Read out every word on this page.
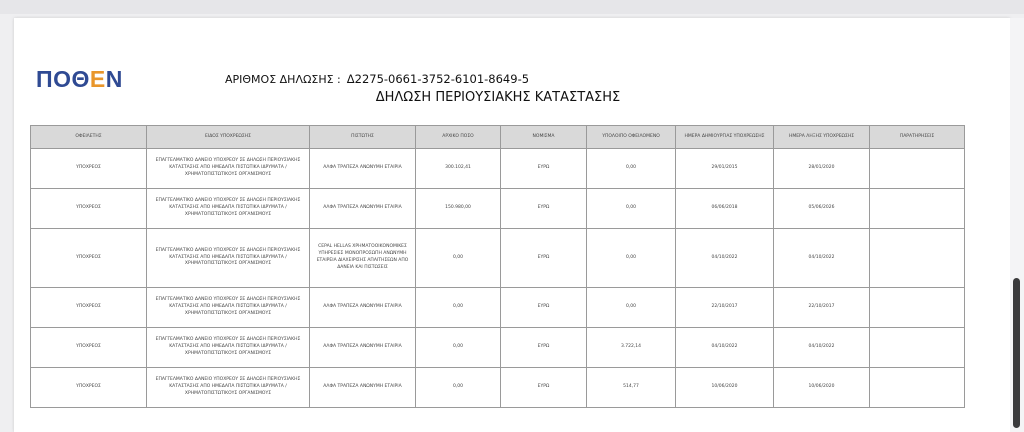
ΠΟΘΕΝ	ΑΡΙΘΜΟΣ ΔΗΛΩΣΗΣ : Δ2275-0661-3752-6101-8649-5
ΔΗΛΩΣΗ ΠΕΡΙΟΥΣΙΑΚΗΣ ΚΑΤΑΣΤΑΣΗΣ
ΟΦΕΙΛΕΤΗΣ	ΕΙΔΟΣ ΥΠΟΧΡΕΩΣΗΣ	ΠΙΣΤΩΤΗΣ	ΑΡΧΙΚΟ ΠΟΣΟ	ΝΟΜΙΣΜΑ	ΥΠΟΛΟΙΠΟ ΟΦΕΙΛΟΜΕΝΟ	ΗΜΕΡΑ ΔΗΜΙΟΥΡΓΙΑΣ ΥΠΟΧΡΕΩΣΗΣ	ΗΜΕΡΑ ΛΗΞΗΣ ΥΠΟΧΡΕΩΣΗΣ	ΠΑΡΑΤΗΡΗΣΕΙΣ
ΥΠΟΧΡΕΟΣ	ΕΠΑΓΓΕΛΜΑΤΙΚΟ ΔΑΝΕΙΟ ΥΠΟΧΡΕΟΥ ΣΕ ΔΗΛΩΣΗ ΠΕΡΙΟΥΣΙΑΚΗΣ ΚΑΤΑΣΤΑΣΗΣ ΑΠΟ ΗΜΕΔΑΠΑ ΠΙΣΤΩΤΙΚΑ ΙΔΡΥΜΑΤΑ / ΧΡΗΜΑΤΟΠΙΣΤΩΤΙΚΟΥΣ ΟΡΓΑΝΙΣΜΟΥΣ	ΑΛΦΑ ΤΡΑΠΕΖΑ ΑΝΩΝΥΜΗ ΕΤΑΙΡΙΑ	300.102,41	ΕΥΡΩ	0,00	29/01/2015	28/01/2020	
ΥΠΟΧΡΕΟΣ	ΕΠΑΓΓΕΛΜΑΤΙΚΟ ΔΑΝΕΙΟ ΥΠΟΧΡΕΟΥ ΣΕ ΔΗΛΩΣΗ ΠΕΡΙΟΥΣΙΑΚΗΣ ΚΑΤΑΣΤΑΣΗΣ ΑΠΟ ΗΜΕΔΑΠΑ ΠΙΣΤΩΤΙΚΑ ΙΔΡΥΜΑΤΑ / ΧΡΗΜΑΤΟΠΙΣΤΩΤΙΚΟΥΣ ΟΡΓΑΝΙΣΜΟΥΣ	ΑΛΦΑ ΤΡΑΠΕΖΑ ΑΝΩΝΥΜΗ ΕΤΑΙΡΙΑ	150.980,00	ΕΥΡΩ	0,00	06/06/2018	05/06/2026	
ΥΠΟΧΡΕΟΣ	ΕΠΑΓΓΕΛΜΑΤΙΚΟ ΔΑΝΕΙΟ ΥΠΟΧΡΕΟΥ ΣΕ ΔΗΛΩΣΗ ΠΕΡΙΟΥΣΙΑΚΗΣ ΚΑΤΑΣΤΑΣΗΣ ΑΠΟ ΗΜΕΔΑΠΑ ΠΙΣΤΩΤΙΚΑ ΙΔΡΥΜΑΤΑ / ΧΡΗΜΑΤΟΠΙΣΤΩΤΙΚΟΥΣ ΟΡΓΑΝΙΣΜΟΥΣ	CEPAL HELLAS ΧΡΗΜΑΤΟΟΙΚΟΝΟΜΙΚΕΣ ΥΠΗΡΕΣΙΕΣ ΜΟΝΟΠΡΟΣΩΠΗ ΑΝΩΝΥΜΗ ΕΤΑΙΡΕΙΑ ΔΙΑΧΕΙΡΙΣΗΣ ΑΠΑΙΤΗΣΕΩΝ ΑΠΟ ΔΑΝΕΙΑ ΚΑΙ ΠΙΣΤΩΣΕΙΣ	0,00	ΕΥΡΩ	0,00	04/10/2022	04/10/2022	
ΥΠΟΧΡΕΟΣ	ΕΠΑΓΓΕΛΜΑΤΙΚΟ ΔΑΝΕΙΟ ΥΠΟΧΡΕΟΥ ΣΕ ΔΗΛΩΣΗ ΠΕΡΙΟΥΣΙΑΚΗΣ ΚΑΤΑΣΤΑΣΗΣ ΑΠΟ ΗΜΕΔΑΠΑ ΠΙΣΤΩΤΙΚΑ ΙΔΡΥΜΑΤΑ / ΧΡΗΜΑΤΟΠΙΣΤΩΤΙΚΟΥΣ ΟΡΓΑΝΙΣΜΟΥΣ	ΑΛΦΑ ΤΡΑΠΕΖΑ ΑΝΩΝΥΜΗ ΕΤΑΙΡΙΑ	0,00	ΕΥΡΩ	0,00	22/10/2017	22/10/2017	
ΥΠΟΧΡΕΟΣ	ΕΠΑΓΓΕΛΜΑΤΙΚΟ ΔΑΝΕΙΟ ΥΠΟΧΡΕΟΥ ΣΕ ΔΗΛΩΣΗ ΠΕΡΙΟΥΣΙΑΚΗΣ ΚΑΤΑΣΤΑΣΗΣ ΑΠΟ ΗΜΕΔΑΠΑ ΠΙΣΤΩΤΙΚΑ ΙΔΡΥΜΑΤΑ / ΧΡΗΜΑΤΟΠΙΣΤΩΤΙΚΟΥΣ ΟΡΓΑΝΙΣΜΟΥΣ	ΑΛΦΑ ΤΡΑΠΕΖΑ ΑΝΩΝΥΜΗ ΕΤΑΙΡΙΑ	0,00	ΕΥΡΩ	3.722,14	04/10/2022	04/10/2022	
ΥΠΟΧΡΕΟΣ	ΕΠΑΓΓΕΛΜΑΤΙΚΟ ΔΑΝΕΙΟ ΥΠΟΧΡΕΟΥ ΣΕ ΔΗΛΩΣΗ ΠΕΡΙΟΥΣΙΑΚΗΣ ΚΑΤΑΣΤΑΣΗΣ ΑΠΟ ΗΜΕΔΑΠΑ ΠΙΣΤΩΤΙΚΑ ΙΔΡΥΜΑΤΑ / ΧΡΗΜΑΤΟΠΙΣΤΩΤΙΚΟΥΣ ΟΡΓΑΝΙΣΜΟΥΣ	ΑΛΦΑ ΤΡΑΠΕΖΑ ΑΝΩΝΥΜΗ ΕΤΑΙΡΙΑ	0,00	ΕΥΡΩ	514,77	10/06/2020	10/06/2020	
